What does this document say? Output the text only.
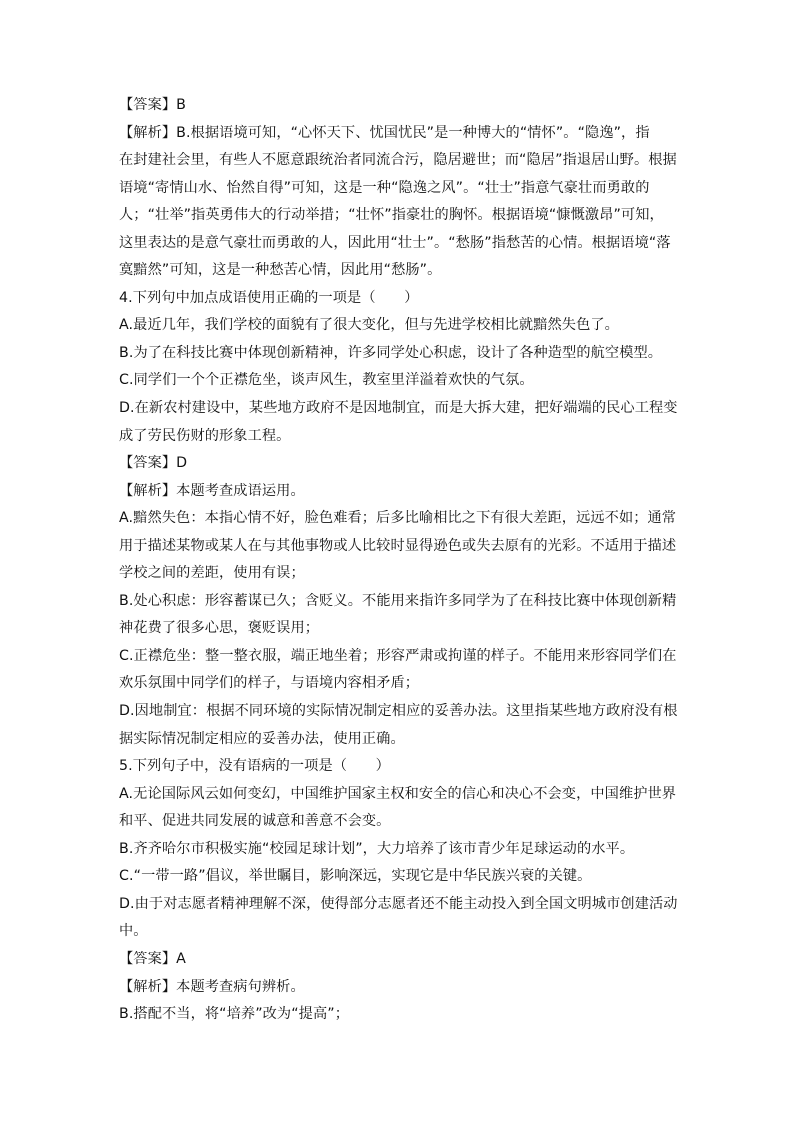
【答案】B
【解析】B.根据语境可知，“心怀天下、忧国忧民”是一种博大的“情怀”。“隐逸”，指
在封建社会里，有些人不愿意跟统治者同流合污，隐居避世；而“隐居”指退居山野。根据
语境“寄情山水、怡然自得”可知，这是一种“隐逸之风”。“壮士”指意气豪壮而勇敢的
人；“壮举”指英勇伟大的行动举措；“壮怀”指豪壮的胸怀。根据语境“慷慨激昂”可知，
这里表达的是意气豪壮而勇敢的人，因此用“壮士”。“愁肠”指愁苦的心情。根据语境“落
寞黯然”可知，这是一种愁苦心情，因此用“愁肠”。
4.下列句中加点成语使用正确的一项是（　　）
A.最近几年，我们学校的面貌有了很大变化，但与先进学校相比就黯然失色了。
B.为了在科技比赛中体现创新精神，许多同学处心积虑，设计了各种造型的航空模型。
C.同学们一个个正襟危坐，谈声风生，教室里洋溢着欢快的气氛。
D.在新农村建设中，某些地方政府不是因地制宜，而是大拆大建，把好端端的民心工程变
成了劳民伤财的形象工程。
【答案】D
【解析】本题考查成语运用。
A.黯然失色：本指心情不好，脸色难看；后多比喻相比之下有很大差距，远远不如；通常
用于描述某物或某人在与其他事物或人比较时显得逊色或失去原有的光彩。不适用于描述
学校之间的差距，使用有误；
B.处心积虑：形容蓄谋已久；含贬义。不能用来指许多同学为了在科技比赛中体现创新精
神花费了很多心思，褒贬误用；
C.正襟危坐：整一整衣服，端正地坐着；形容严肃或拘谨的样子。不能用来形容同学们在
欢乐氛围中同学们的样子，与语境内容相矛盾；
D.因地制宜：根据不同环境的实际情况制定相应的妥善办法。这里指某些地方政府没有根
据实际情况制定相应的妥善办法，使用正确。
5.下列句子中，没有语病的一项是（　　）
A.无论国际风云如何变幻，中国维护国家主权和安全的信心和决心不会变，中国维护世界
和平、促进共同发展的诚意和善意不会变。
B.齐齐哈尔市积极实施“校园足球计划”，大力培养了该市青少年足球运动的水平。
C.“一带一路”倡议，举世瞩目，影响深远，实现它是中华民族兴衰的关键。
D.由于对志愿者精神理解不深，使得部分志愿者还不能主动投入到全国文明城市创建活动
中。
【答案】A
【解析】本题考查病句辨析。
B.搭配不当，将“培养”改为“提高”；
